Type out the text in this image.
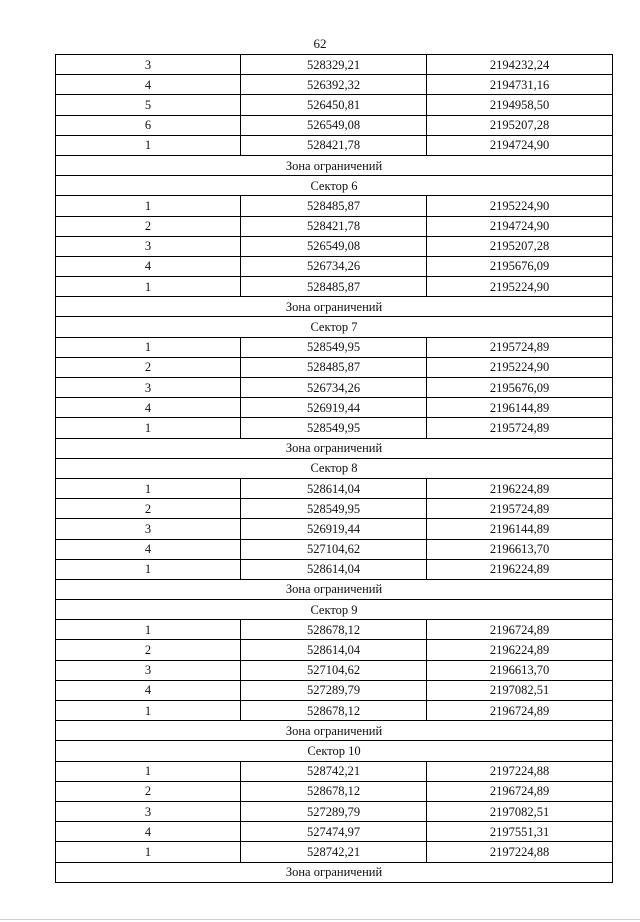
62
3	528329,21	2194232,24
4	526392,32	2194731,16
5	526450,81	2194958,50
6	526549,08	2195207,28
1	528421,78	2194724,90
Зона ограничений		
Сектор 6		
1	528485,87	2195224,90
2	528421,78	2194724,90
3	526549,08	2195207,28
4	526734,26	2195676,09
1	528485,87	2195224,90
Зона ограничений		
Сектор 7		
1	528549,95	2195724,89
2	528485,87	2195224,90
3	526734,26	2195676,09
4	526919,44	2196144,89
1	528549,95	2195724,89
Зона ограничений		
Сектор 8		
1	528614,04	2196224,89
2	528549,95	2195724,89
3	526919,44	2196144,89
4	527104,62	2196613,70
1	528614,04	2196224,89
Зона ограничений		
Сектор 9		
1	528678,12	2196724,89
2	528614,04	2196224,89
3	527104,62	2196613,70
4	527289,79	2197082,51
1	528678,12	2196724,89
Зона ограничений		
Сектор 10		
1	528742,21	2197224,88
2	528678,12	2196724,89
3	527289,79	2197082,51
4	527474,97	2197551,31
1	528742,21	2197224,88
Зона ограничений		
